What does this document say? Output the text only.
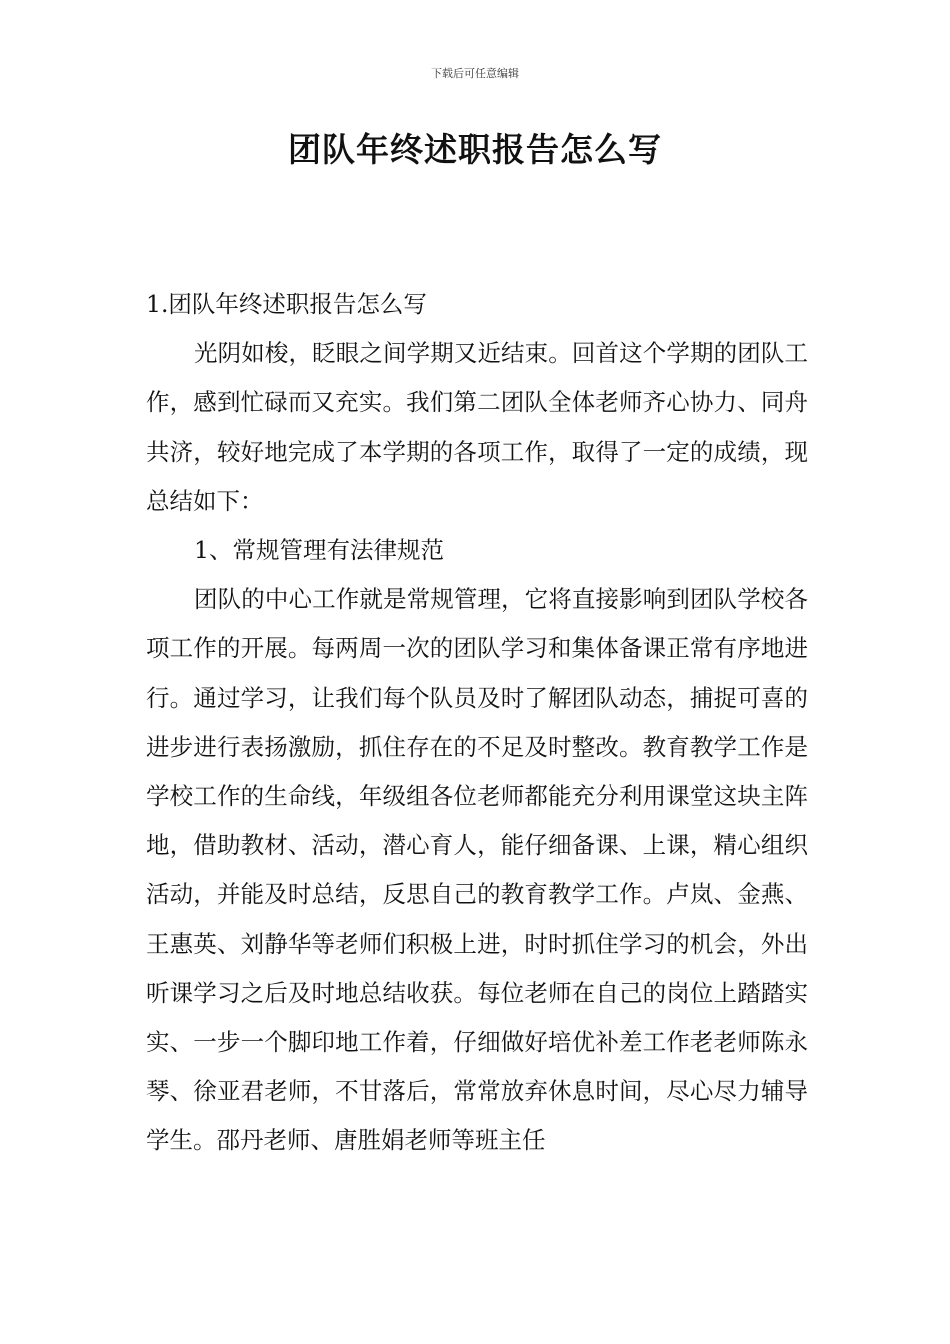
下载后可任意编辑
团队年终述职报告怎么写

1.团队年终述职报告怎么写

光阴如梭，眨眼之间学期又近结束。回首这个学期的团队工作，感到忙碌而又充实。我们第二团队全体老师齐心协力、同舟共济，较好地完成了本学期的各项工作，取得了一定的成绩，现总结如下：

1、常规管理有法律规范

团队的中心工作就是常规管理，它将直接影响到团队学校各项工作的开展。每两周一次的团队学习和集体备课正常有序地进行。通过学习，让我们每个队员及时了解团队动态，捕捉可喜的进步进行表扬激励，抓住存在的不足及时整改。教育教学工作是学校工作的生命线，年级组各位老师都能充分利用课堂这块主阵地，借助教材、活动，潜心育人，能仔细备课、上课，精心组织活动，并能及时总结，反思自己的教育教学工作。卢岚、金燕、王惠英、刘静华等老师们积极上进，时时抓住学习的机会，外出听课学习之后及时地总结收获。每位老师在自己的岗位上踏踏实实、一步一个脚印地工作着，仔细做好培优补差工作老老师陈永琴、徐亚君老师，不甘落后，常常放弃休息时间，尽心尽力辅导学生。邵丹老师、唐胜娟老师等班主任
